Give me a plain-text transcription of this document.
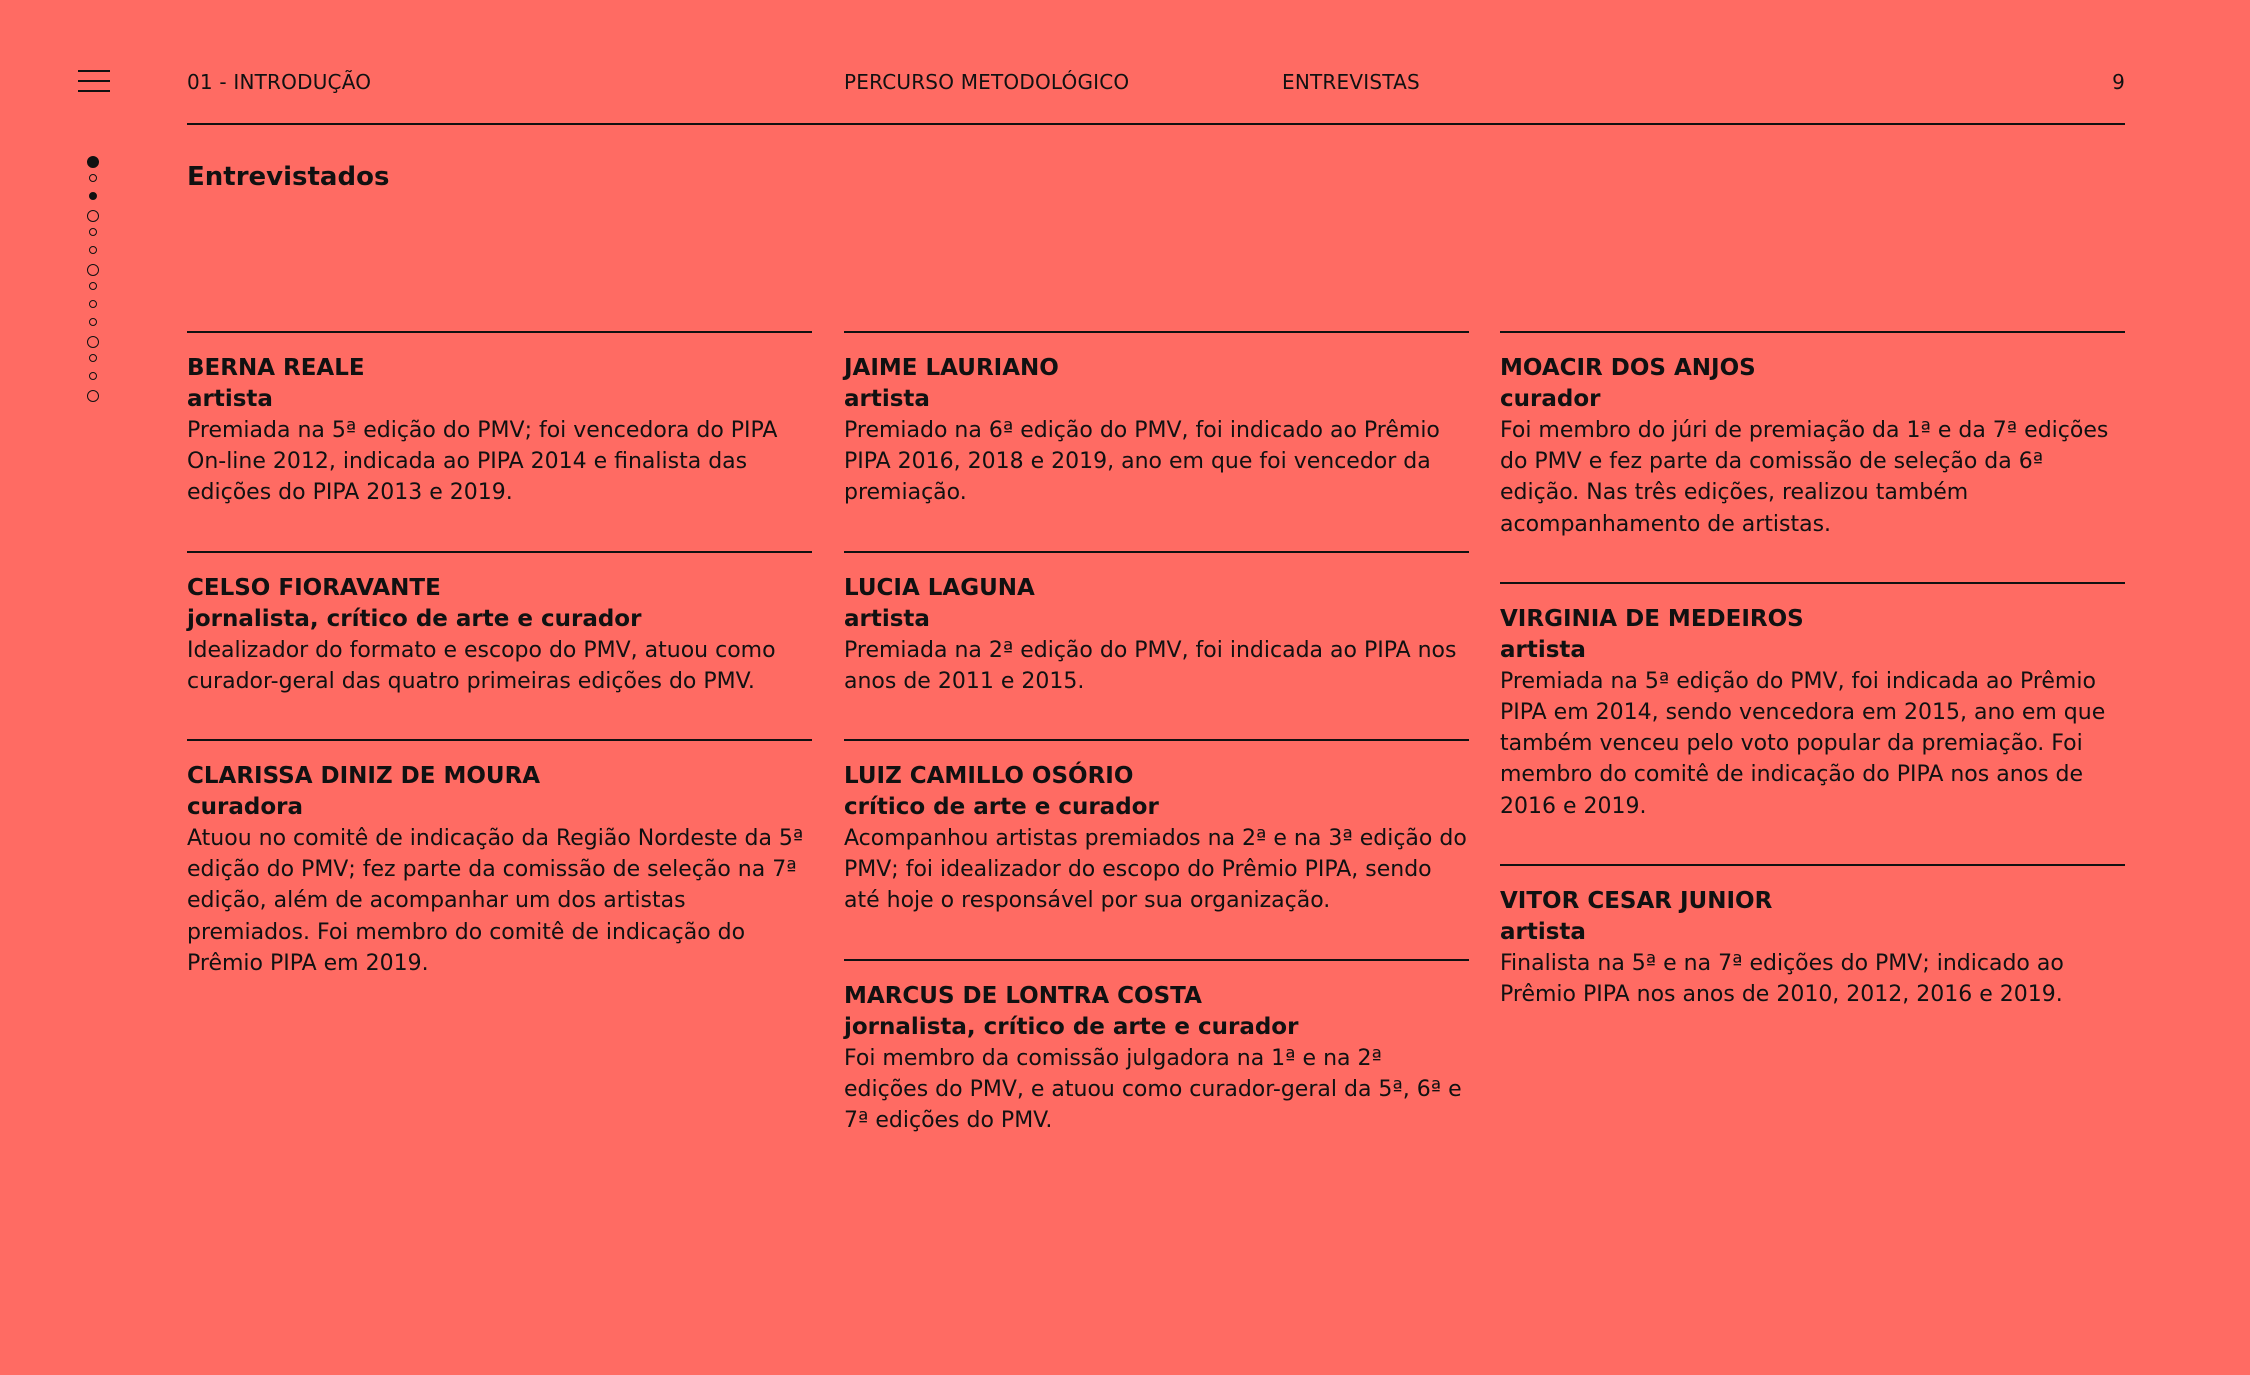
01 - INTRODUÇÃO	PERCURSO METODOLÓGICO	ENTREVISTAS	9
Entrevistados
BERNA REALE
artista
Premiada na 5ª edição do PMV; foi vencedora do PIPA On-line 2012, indicada ao PIPA 2014 e finalista das edições do PIPA 2013 e 2019.
CELSO FIORAVANTE
jornalista, crítico de arte e curador
Idealizador do formato e escopo do PMV, atuou como curador-geral das quatro primeiras edições do PMV.
CLARISSA DINIZ DE MOURA
curadora
Atuou no comitê de indicação da Região Nordeste da 5ª edição do PMV; fez parte da comissão de seleção na 7ª edição, além de acompanhar um dos artistas premiados. Foi membro do comitê de indicação do Prêmio PIPA em 2019.
JAIME LAURIANO
artista
Premiado na 6ª edição do PMV, foi indicado ao Prêmio PIPA 2016, 2018 e 2019, ano em que foi vencedor da premiação.
LUCIA LAGUNA
artista
Premiada na 2ª edição do PMV, foi indicada ao PIPA nos anos de 2011 e 2015.
LUIZ CAMILLO OSÓRIO
crítico de arte e curador
Acompanhou artistas premiados na 2ª e na 3ª edição do PMV; foi idealizador do escopo do Prêmio PIPA, sendo até hoje o responsável por sua organização.
MARCUS DE LONTRA COSTA
jornalista, crítico de arte e curador
Foi membro da comissão julgadora na 1ª e na 2ª edições do PMV, e atuou como curador-geral da 5ª, 6ª e 7ª edições do PMV.
MOACIR DOS ANJOS
curador
Foi membro do júri de premiação da 1ª e da 7ª edições do PMV e fez parte da comissão de seleção da 6ª edição. Nas três edições, realizou também acompanhamento de artistas.
VIRGINIA DE MEDEIROS
artista
Premiada na 5ª edição do PMV, foi indicada ao Prêmio PIPA em 2014, sendo vencedora em 2015, ano em que também venceu pelo voto popular da premiação. Foi membro do comitê de indicação do PIPA nos anos de 2016 e 2019.
VITOR CESAR JUNIOR
artista
Finalista na 5ª e na 7ª edições do PMV; indicado ao Prêmio PIPA nos anos de 2010, 2012, 2016 e 2019.
